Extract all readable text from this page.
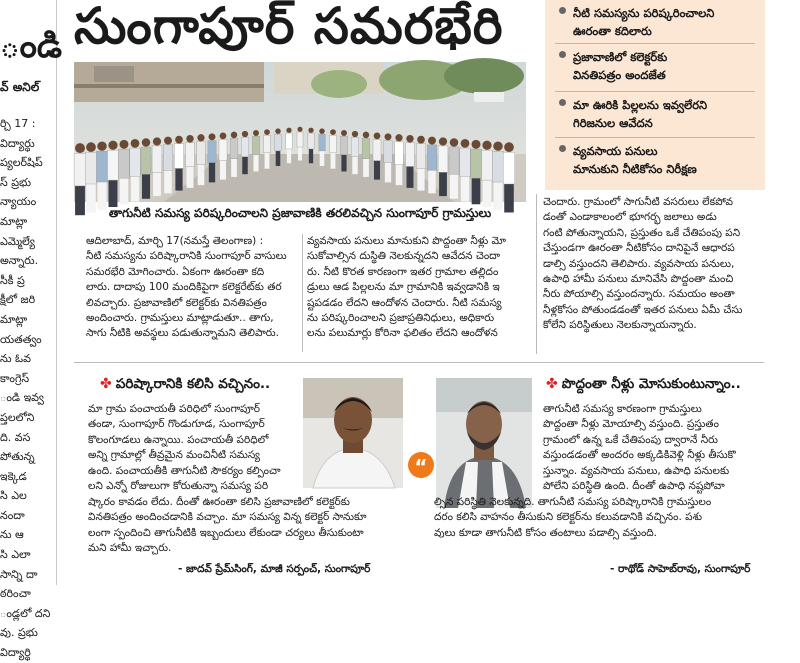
ండి
వ్ అనిల్
ర్చి 17 :
విద్యార్థు
ప్యలర్‌షిప్
స్ ప్రభు
న్యాయం
మాట్లా
ఎమ్మెల్యే
అన్నారు.
సీకీ ప్ర
క్షీలో జరి
మాట్లా
యతత్వం
ను ఓవ
కాంగ్రెస్
ండి ఇవ్వ
ప్తలలోని
ది. వస
పోతున్న
ఇక్కెడ
సి ఎల
నందా
ను ఆ
సి ఎలా
సాన్ని దా
ఠరించా
ండ్లలో దని
వు. ప్రభు
విద్యార్థి
సుంగాపూర్ సమరభేరి
తాగునీటి సమస్య పరిష్కరించాలని ప్రజావాణికి తరలివచ్చిన సుంగాపూర్ గ్రామస్తులు
నీటి సమస్యను పరిష్కరించాలని
ఊరంతా కదిలారు
ప్రజావాణిలో కలెక్టర్‌కు
వినతిపత్రం అందజేత
మా ఊరికి పిల్లలను ఇవ్వలేరని
గిరిజనుల ఆవేదన
వ్యవసాయ పనులు
మానుకుని నీటికోసం నిరీక్షణ
ఆదిలాబాద్, మార్చి 17(నమస్తే తెలంగాణ) :
నీటి సమస్యను పరిష్కారానికి సుంగాపూర్ వాసులు
సమరభేరి మోగించారు. ఏకంగా ఊరంతా కది
లారు. దాదాపు 100 మందికిపైగా కలెక్టరేట్‌కు తర
లివచ్చారు. ప్రజావాణిలో కలెక్టర్‌కు వినతిపత్రం
అందించారు. గ్రామస్తులు మాట్లాడుతూ.. తాగు,
సాగు నీటికి అవస్థలు పడుతున్నామని తెలిపారు.
వ్యవసాయ పనులు మానుకుని పొద్దంతా నీళ్లు మో
సుకోవాల్సిన దుస్థితి నెలకున్నదని ఆవేదన చెందా
రు. నీటి కొరత కారణంగా ఇతర గ్రామాల తల్లిదం
డ్రులు ఆడ పిల్లలను మా గ్రామానికి ఇవ్వడానికి ఇ
ష్టపడడం లేదని ఆందోళన చెందారు. నీటి సమస్య
ను పరిష్కరించాలని ప్రజాప్రతినిధులు, అధికారు
లను పలుమార్లు కోరినా ఫలితం లేదని ఆందోళన
చెందారు. గ్రామంలో సాగునీటి వసరులు లేకపోవ
డంతో ఎండాకాలంలో భూగర్భ జలాలు అడు
గంటి పోతున్నాయని, ప్రస్తుతం ఒకే చేతిపంపు పని
చేస్తుండగా ఊరంతా నీటికోసం దానిపైనే ఆధారప
డాల్సి వస్తుందని తెలిపారు. వ్యవసాయ పనులు,
ఉపాధి హామీ పనులు మానివేసి పొద్దంతా మంచి
నీరు పోయాల్సి వస్తుందన్నారు. సమయం అంతా
నీళ్లకోసం పోతుండడంతో ఇతర పనులు ఏమీ చేసు
కోలేని పరిస్థితులు నెలకున్నాయన్నారు.
✤ పరిష్కారానికి కలిసి వచ్చినం..
మా గ్రామ పంచాయతీ పరిధిలో సుంగాపూర్
తండా, సుంగాపూర్ గొండుగూడ, సుంగాపూర్
కొలంగూడలు ఉన్నాయి. పంచాయతీ పరిధిలో
అన్ని గ్రామాల్లో తీవ్రమైన మంచినీటి సమస్య
ఉంది. పంచాయతీకి తాగునీటి సౌకర్యం కల్పించా
లని ఎన్నో రోజులుగా కోరుతున్నా సమస్య పరి
ష్కారం కావడం లేదు. దీంతో ఊరంతా కలిసి ప్రజావాణిలో కలెక్టర్‌కు
వినతిపత్రం అందించడానికి వచ్చాం. మా సమస్య విన్న కలెక్టర్ సానుకూ
లంగా స్పందించి తాగునీటికి ఇబ్బందులు లేకుండా చర్యలు తీసుకుంటా
మని హామీ ఇచ్చారు.
- జాదవ్ ప్రేమ్‌సింగ్, మాజీ సర్పంచ్, సుంగాపూర్
“
✤ పొద్దంతా నీళ్లు మోసుకుంటున్నాం..
తాగునీటి సమస్య కారణంగా గ్రామస్తులు
పొద్దంతా నీళ్లు మోయాల్సి వస్తుంది. ప్రస్తుతం
గ్రామంలో ఉన్న ఒకే చేతిపంపు ద్వారానే నీరు
వస్తుండడంతో అందరం అక్కడికివెళ్లి నీళ్లు తీసుకొ
స్తున్నాం. వ్యవసాయ పనులు, ఉపాధి పనులకు
పోలేని పరిస్థితి ఉంది. దీంతో ఉపాధి నష్టపోవా
ల్సిన పరిస్థితి నెలకున్నది. తాగునీటి సమస్య పరిష్కారానికి గ్రామస్తులం
దరం కలిసి వాహనం తీసుకుని కలెక్టర్‌ను కలువడానికి వచ్చినం. పశు
వులు కూడా తాగునీటి కోసం తంటాలు పడాల్సి వస్తుంది.
- రాథోడ్ సాహెబ్‌రావు, సుంగాపూర్
